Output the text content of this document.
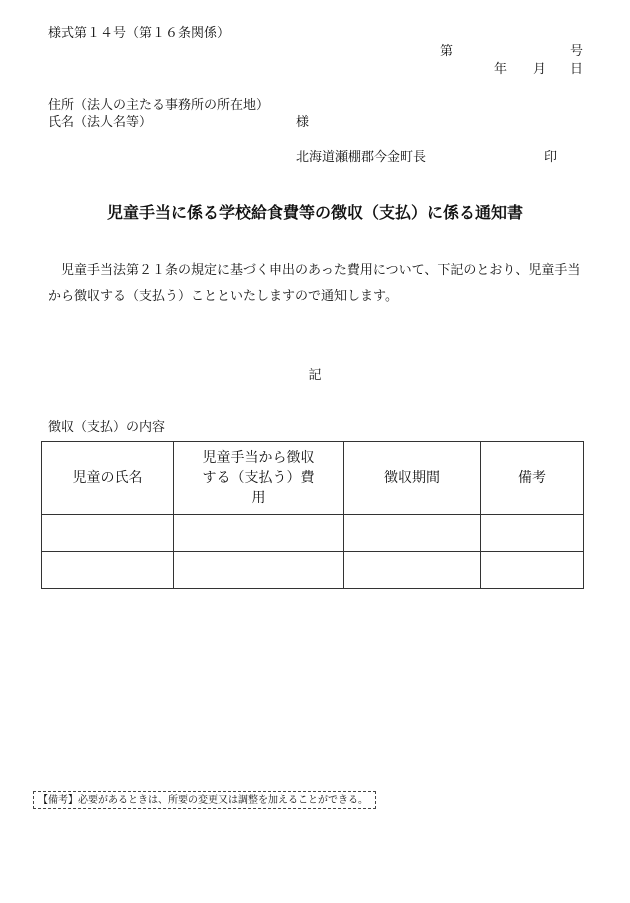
様式第１４号（第１６条関係）
第	号
年 月 日
住所（法人の主たる事務所の所在地）
氏名（法人名等）	様
北海道瀬棚郡今金町長	印
児童手当に係る学校給食費等の徴収（支払）に係る通知書
　児童手当法第２１条の規定に基づく申出のあった費用について、下記のとおり、児童手当から徴収する（支払う）ことといたしますので通知します。
記
徴収（支払）の内容
児童の氏名	児童手当から徴収する（支払う）費用	徴収期間	備考

【備考】必要があるときは、所要の変更又は調整を加えることができる。
